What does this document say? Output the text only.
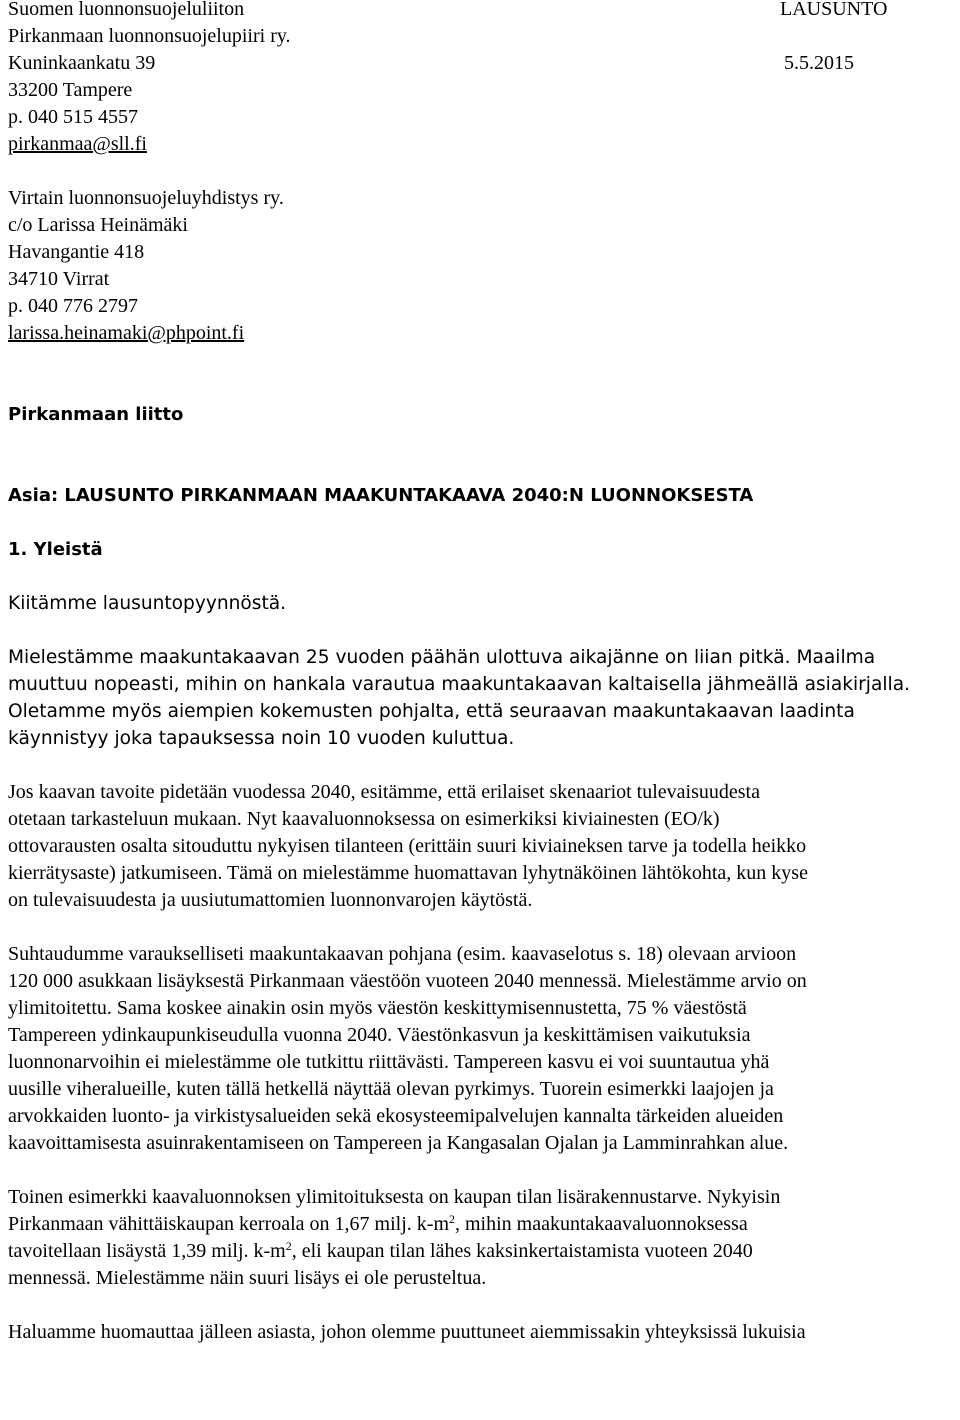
Suomen luonnonsuojeluliiton	LAUSUNTO
Pirkanmaan luonnonsuojelupiiri ry.
Kuninkaankatu 39	5.5.2015
33200 Tampere
p. 040 515 4557
pirkanmaa@sll.fi
Virtain luonnonsuojeluyhdistys ry.
c/o Larissa Heinämäki
Havangantie 418
34710 Virrat
p. 040 776 2797
larissa.heinamaki@phpoint.fi
Pirkanmaan liitto
Asia: LAUSUNTO PIRKANMAAN MAAKUNTAKAAVA 2040:N LUONNOKSESTA
1. Yleistä
Kiitämme lausuntopyynnöstä.
Mielestämme maakuntakaavan 25 vuoden päähän ulottuva aikajänne on liian pitkä. Maailma
muuttuu nopeasti, mihin on hankala varautua maakuntakaavan kaltaisella jähmeällä asiakirjalla.
Oletamme myös aiempien kokemusten pohjalta, että seuraavan maakuntakaavan laadinta
käynnistyy joka tapauksessa noin 10 vuoden kuluttua.
Jos kaavan tavoite pidetään vuodessa 2040, esitämme, että erilaiset skenaariot tulevaisuudesta
otetaan tarkasteluun mukaan. Nyt kaavaluonnoksessa on esimerkiksi kiviainesten (EO/k)
ottovarausten osalta sitouduttu nykyisen tilanteen (erittäin suuri kiviaineksen tarve ja todella heikko
kierrätysaste) jatkumiseen. Tämä on mielestämme huomattavan lyhytnäköinen lähtökohta, kun kyse
on tulevaisuudesta ja uusiutumattomien luonnonvarojen käytöstä.
Suhtaudumme varaukselliseti maakuntakaavan pohjana (esim. kaavaselotus s. 18) olevaan arvioon
120 000 asukkaan lisäyksestä Pirkanmaan väestöön vuoteen 2040 mennessä. Mielestämme arvio on
ylimitoitettu. Sama koskee ainakin osin myös väestön keskittymisennustetta, 75 % väestöstä
Tampereen ydinkaupunkiseudulla vuonna 2040. Väestönkasvun ja keskittämisen vaikutuksia
luonnonarvoihin ei mielestämme ole tutkittu riittävästi. Tampereen kasvu ei voi suuntautua yhä
uusille viheralueille, kuten tällä hetkellä näyttää olevan pyrkimys. Tuorein esimerkki laajojen ja
arvokkaiden luonto- ja virkistysalueiden sekä ekosysteemipalvelujen kannalta tärkeiden alueiden
kaavoittamisesta asuinrakentamiseen on Tampereen ja Kangasalan Ojalan ja Lamminrahkan alue.
Toinen esimerkki kaavaluonnoksen ylimitoituksesta on kaupan tilan lisärakennustarve. Nykyisin
Pirkanmaan vähittäiskaupan kerroala on 1,67 milj. $k-m^2$, mihin maakuntakaavaluonnoksessa
tavoitellaan lisäystä 1,39 milj. $k-m^2$, eli kaupan tilan lähes kaksinkertaistamista vuoteen 2040
mennessä. Mielestämme näin suuri lisäys ei ole perusteltua.
Haluamme huomauttaa jälleen asiasta, johon olemme puuttuneet aiemmissakin yhteyksissä lukuisia
